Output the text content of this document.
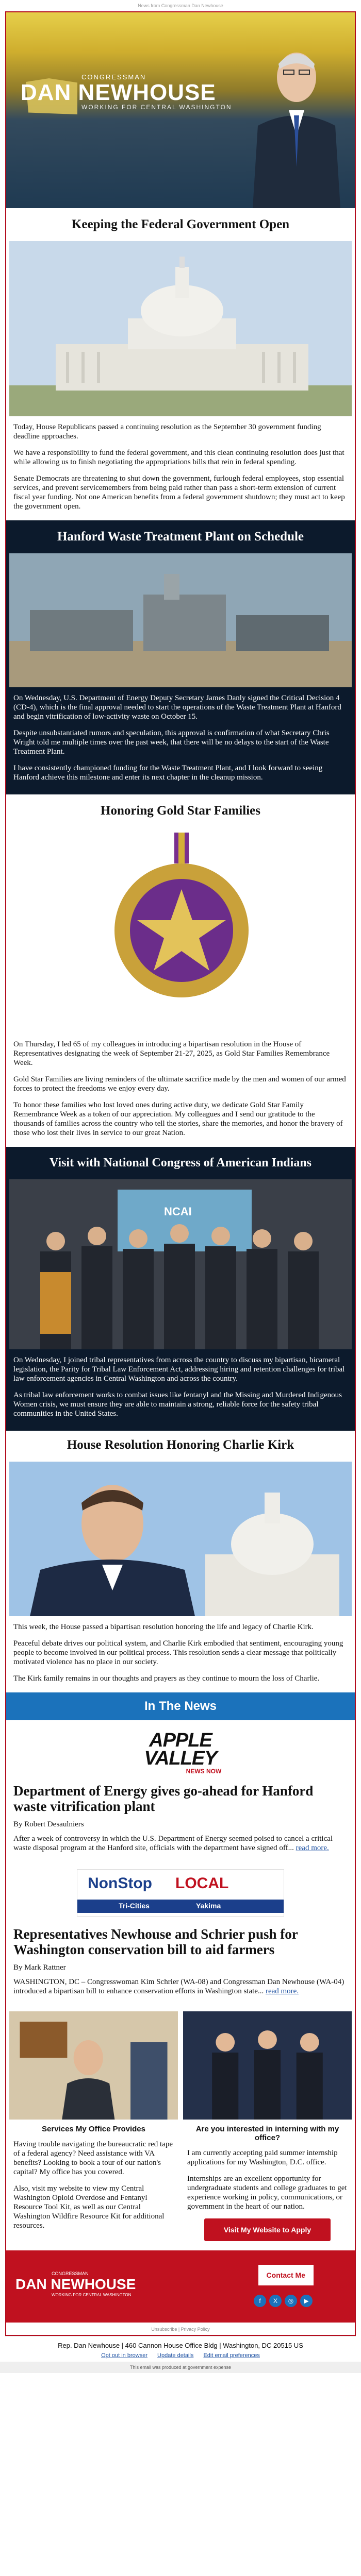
News from Congressman Dan Newhouse
CONGRESSMAN
DAN NEWHOUSE
WORKING FOR CENTRAL WASHINGTON
Keeping the Federal Government Open

Today, House Republicans passed a continuing resolution as the September 30 government funding deadline approaches.

We have a responsibility to fund the federal government, and this clean continuing resolution does just that while allowing us to finish negotiating the appropriations bills that rein in federal spending.

Senate Democrats are threatening to shut down the government, furlough federal employees, stop essential services, and prevent servicemembers from being paid rather than pass a short-term extension of current fiscal year funding. Not one American benefits from a federal government shutdown; they must act to keep the government open.

Hanford Waste Treatment Plant on Schedule

On Wednesday, U.S. Department of Energy Deputy Secretary James Danly signed the Critical Decision 4 (CD-4), which is the final approval needed to start the operations of the Waste Treatment Plant at Hanford and begin vitrification of low-activity waste on October 15.

Despite unsubstantiated rumors and speculation, this approval is confirmation of what Secretary Chris Wright told me multiple times over the past week, that there will be no delays to the start of the Waste Treatment Plant.

I have consistently championed funding for the Waste Treatment Plant, and I look forward to seeing Hanford achieve this milestone and enter its next chapter in the cleanup mission.

Honoring Gold Star Families

On Thursday, I led 65 of my colleagues in introducing a bipartisan resolution in the House of Representatives designating the week of September 21-27, 2025, as Gold Star Families Remembrance Week.

Gold Star Families are living reminders of the ultimate sacrifice made by the men and women of our armed forces to protect the freedoms we enjoy every day.

To honor these families who lost loved ones during active duty, we dedicate Gold Star Family Remembrance Week as a token of our appreciation. My colleagues and I send our gratitude to the thousands of families across the country who tell the stories, share the memories, and honor the bravery of those who lost their lives in service to our great Nation.

Visit with National Congress of American Indians
NCAI

On Wednesday, I joined tribal representatives from across the country to discuss my bipartisan, bicameral legislation, the Parity for Tribal Law Enforcement Act, addressing hiring and retention challenges for tribal law enforcement agencies in Central Washington and across the country.

As tribal law enforcement works to combat issues like fentanyl and the Missing and Murdered Indigenous Women crisis, we must ensure they are able to maintain a strong, reliable force for the safety tribal communities in the United States.

House Resolution Honoring Charlie Kirk

This week, the House passed a bipartisan resolution honoring the life and legacy of Charlie Kirk.

Peaceful debate drives our political system, and Charlie Kirk embodied that sentiment, encouraging young people to become involved in our political process. This resolution sends a clear message that politically motivated violence has no place in our society.

The Kirk family remains in our thoughts and prayers as they continue to mourn the loss of Charlie.

In The News
APPLE
VALLEY
NEWS NOW
Department of Energy gives go-ahead for Hanford waste vitrification plant
By Robert Desaulniers
After a week of controversy in which the U.S. Department of Energy seemed poised to cancel a critical waste disposal program at the Hanford site, officials with the department have signed off... read more.
NonStop LOCAL
Tri-Cities	Yakima
Representatives Newhouse and Schrier push for Washington conservation bill to aid farmers
By Mark Rattner
WASHINGTON, DC – Congresswoman Kim Schrier (WA-08) and Congressman Dan Newhouse (WA-04) introduced a bipartisan bill to enhance conservation efforts in Washington state... read more.
Services My Office Provides

Having trouble navigating the bureaucratic red tape of a federal agency? Need assistance with VA benefits? Looking to book a tour of our nation's capital? My office has you covered.

Also, visit my website to view my Central Washington Opioid Overdose and Fentanyl Resource Tool Kit, as well as our Central Washington Wildfire Resource Kit for additional resources.

Are you interested in interning with my office?

I am currently accepting paid summer internship applications for my Washington, D.C. office.

Internships are an excellent opportunity for undergraduate students and college graduates to get experience working in policy, communications, or government in the heart of our nation.

Visit My Website to Apply
CONGRESSMAN
DAN NEWHOUSE
WORKING FOR CENTRAL WASHINGTON
Contact Me
f	X	◎	▶
Unsubscribe | Privacy Policy
Rep. Dan Newhouse | 460 Cannon House Office Bldg | Washington, DC 20515 US
Opt out in browser Update details Edit email preferences
This email was produced at government expense
